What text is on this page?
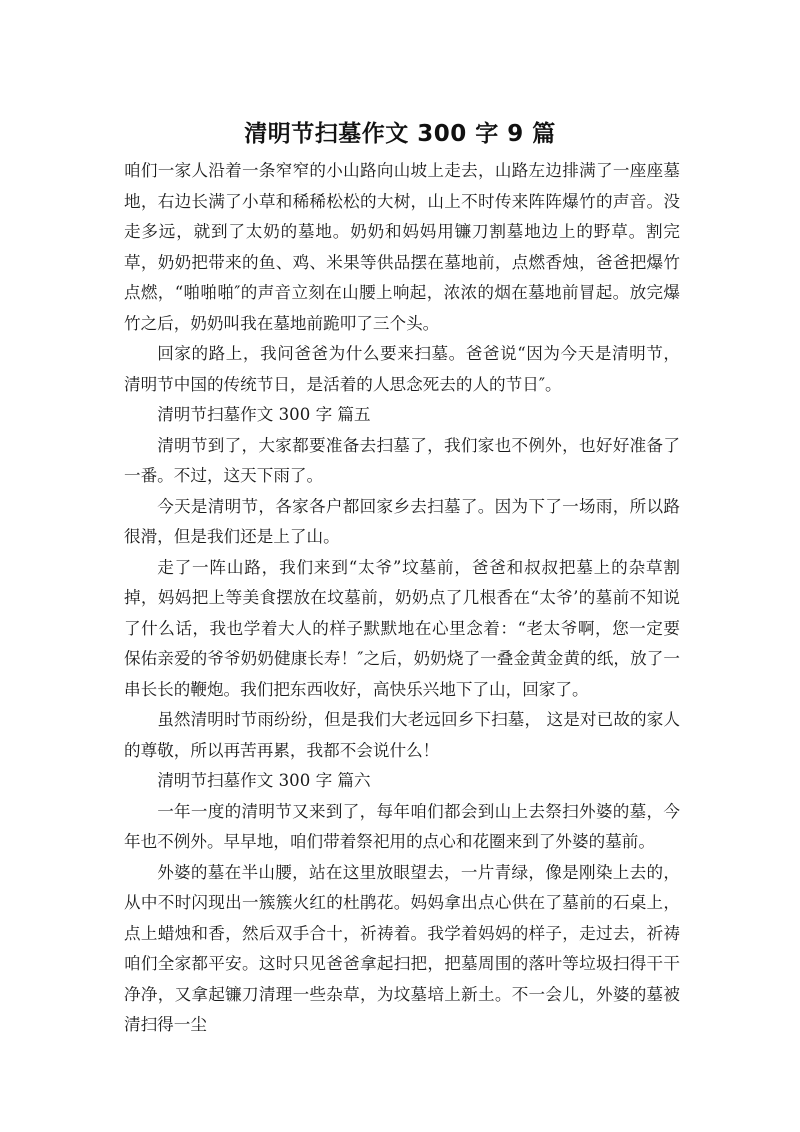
清明节扫墓作文 300 字 9 篇

咱们一家人沿着一条窄窄的小山路向山坡上走去，山路左边排满了一座座墓地，右边长满了小草和稀稀松松的大树，山上不时传来阵阵爆竹的声音。没走多远，就到了太奶的墓地。奶奶和妈妈用镰刀割墓地边上的野草。割完草，奶奶把带来的鱼、鸡、米果等供品摆在墓地前，点燃香烛，爸爸把爆竹点燃，“啪啪啪″的声音立刻在山腰上响起，浓浓的烟在墓地前冒起。放完爆竹之后，奶奶叫我在墓地前跪叩了三个头。

回家的路上，我问爸爸为什么要来扫墓。爸爸说“因为今天是清明节，清明节中国的传统节日，是活着的人思念死去的人的节日″。

清明节扫墓作文 300 字 篇五

清明节到了，大家都要准备去扫墓了，我们家也不例外，也好好准备了一番。不过，这天下雨了。

今天是清明节，各家各户都回家乡去扫墓了。因为下了一场雨，所以路很滑，但是我们还是上了山。

走了一阵山路，我们来到“太爷”坟墓前，爸爸和叔叔把墓上的杂草割掉，妈妈把上等美食摆放在坟墓前，奶奶点了几根香在“太爷’的墓前不知说了什么话，我也学着大人的样子默默地在心里念着：“老太爷啊，您一定要保佑亲爱的爷爷奶奶健康长寿！″之后，奶奶烧了一叠金黄金黄的纸，放了一串长长的鞭炮。我们把东西收好，高快乐兴地下了山，回家了。

虽然清明时节雨纷纷，但是我们大老远回乡下扫墓， 这是对已故的家人的尊敬，所以再苦再累，我都不会说什么！

清明节扫墓作文 300 字 篇六

一年一度的清明节又来到了，每年咱们都会到山上去祭扫外婆的墓，今年也不例外。早早地，咱们带着祭祀用的点心和花圈来到了外婆的墓前。

外婆的墓在半山腰，站在这里放眼望去，一片青绿，像是刚染上去的，从中不时闪现出一簇簇火红的杜鹃花。妈妈拿出点心供在了墓前的石桌上，点上蜡烛和香，然后双手合十，祈祷着。我学着妈妈的样子，走过去，祈祷咱们全家都平安。这时只见爸爸拿起扫把，把墓周围的落叶等垃圾扫得干干净净，又拿起镰刀清理一些杂草，为坟墓培上新土。不一会儿，外婆的墓被清扫得一尘
